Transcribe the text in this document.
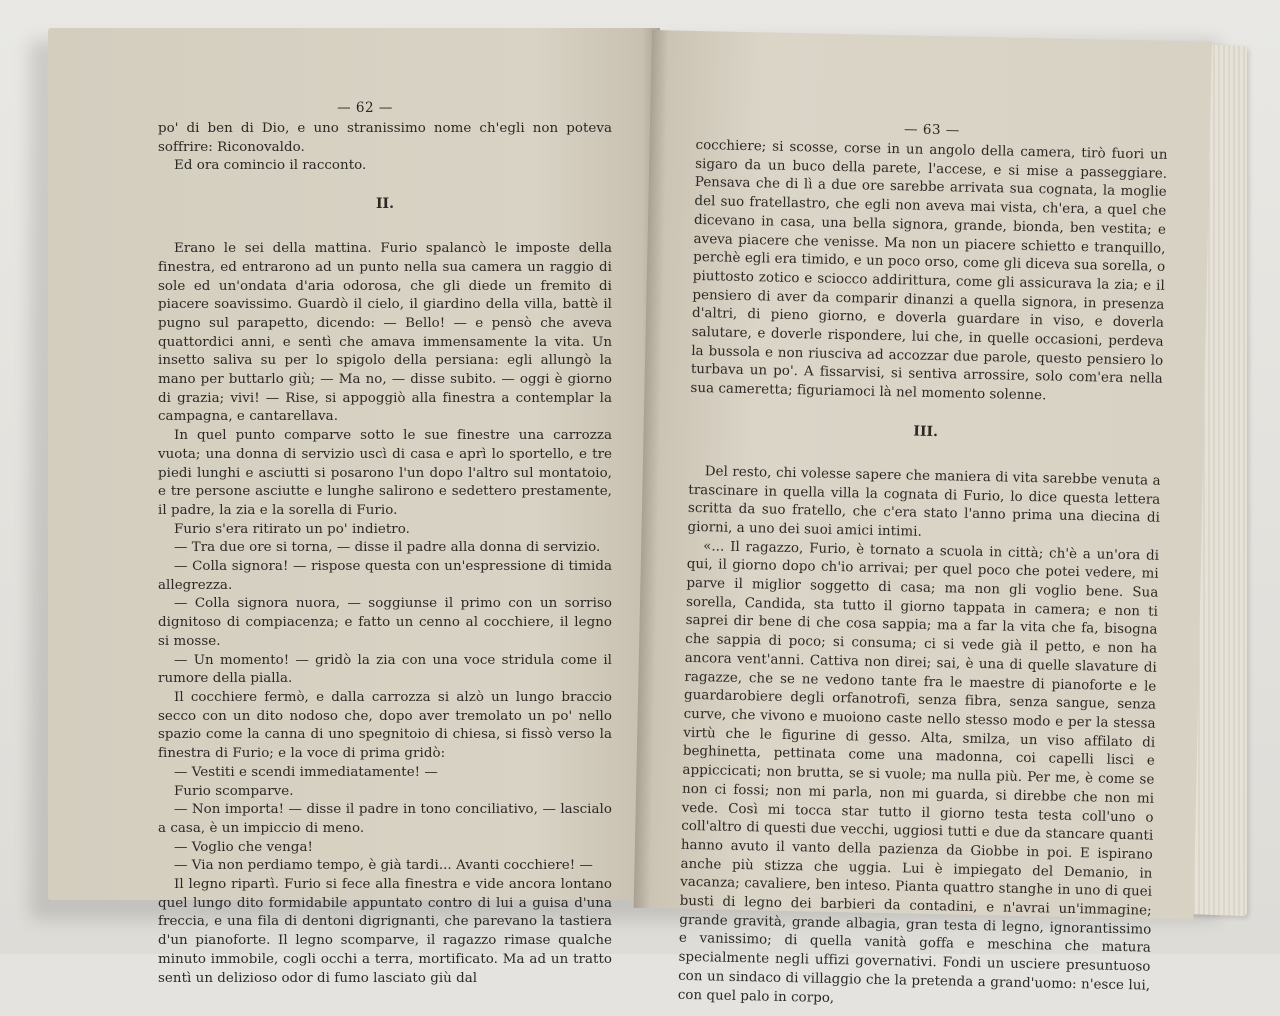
— 62 —

po' di ben di Dio, e uno stranissimo nome ch'egli non poteva soffrire: Riconovaldo.

Ed ora comincio il racconto.

II.

Erano le sei della mattina. Furio spalancò le imposte della finestra, ed entrarono ad un punto nella sua camera un raggio di sole ed un'ondata d'aria odorosa, che gli diede un fremito di piacere soavissimo. Guardò il cielo, il giardino della villa, battè il pugno sul parapetto, dicendo: — Bello! — e pensò che aveva quattordici anni, e sentì che amava immensamente la vita. Un insetto saliva su per lo spigolo della persiana: egli allungò la mano per buttarlo giù; — Ma no, — disse subito. — oggi è giorno di grazia; vivi! — Rise, si appoggiò alla finestra a contemplar la campagna, e cantarellava.

In quel punto comparve sotto le sue finestre una carrozza vuota; una donna di servizio uscì di casa e aprì lo sportello, e tre piedi lunghi e asciutti si posarono l'un dopo l'altro sul montatoio, e tre persone asciutte e lunghe salirono e sedettero prestamente, il padre, la zia e la sorella di Furio.

Furio s'era ritirato un po' indietro.

— Tra due ore si torna, — disse il padre alla donna di servizio.

— Colla signora! — rispose questa con un'espressione di timida allegrezza.

— Colla signora nuora, — soggiunse il primo con un sorriso dignitoso di compiacenza; e fatto un cenno al cocchiere, il legno si mosse.

— Un momento! — gridò la zia con una voce stridula come il rumore della pialla.

Il cocchiere fermò, e dalla carrozza si alzò un lungo braccio secco con un dito nodoso che, dopo aver tremolato un po' nello spazio come la canna di uno spegnitoio di chiesa, si fissò verso la finestra di Furio; e la voce di prima gridò:

— Vestiti e scendi immediatamente! —

Furio scomparve.

— Non importa! — disse il padre in tono conciliativo, — lascialo a casa, è un impiccio di meno.

— Voglio che venga!

— Via non perdiamo tempo, è già tardi... Avanti cocchiere! —

Il legno ripartì. Furio si fece alla finestra e vide ancora lontano quel lungo dito formidabile appuntato contro di lui a guisa d'una freccia, e una fila di dentoni digrignanti, che parevano la tastiera d'un pianoforte. Il legno scomparve, il ragazzo rimase qualche minuto immobile, cogli occhi a terra, mortificato. Ma ad un tratto sentì un delizioso odor di fumo lasciato giù dal

— 63 —

cocchiere; si scosse, corse in un angolo della camera, tirò fuori un sigaro da un buco della parete, l'accese, e si mise a passeggiare. Pensava che di lì a due ore sarebbe arrivata sua cognata, la moglie del suo fratellastro, che egli non aveva mai vista, ch'era, a quel che dicevano in casa, una bella signora, grande, bionda, ben vestita; e aveva piacere che venisse. Ma non un piacere schietto e tranquillo, perchè egli era timido, e un poco orso, come gli diceva sua sorella, o piuttosto zotico e sciocco addirittura, come gli assicurava la zia; e il pensiero di aver da comparir dinanzi a quella signora, in presenza d'altri, di pieno giorno, e doverla guardare in viso, e doverla salutare, e doverle rispondere, lui che, in quelle occasioni, perdeva la bussola e non riusciva ad accozzar due parole, questo pensiero lo turbava un po'. A fissarvisi, si sentiva arrossire, solo com'era nella sua cameretta; figuriamoci là nel momento solenne.

III.

Del resto, chi volesse sapere che maniera di vita sarebbe venuta a trascinare in quella villa la cognata di Furio, lo dice questa lettera scritta da suo fratello, che c'era stato l'anno prima una diecina di giorni, a uno dei suoi amici intimi.

«... Il ragazzo, Furio, è tornato a scuola in città; ch'è a un'ora di qui, il giorno dopo ch'io arrivai; per quel poco che potei vedere, mi parve il miglior soggetto di casa; ma non gli voglio bene. Sua sorella, Candida, sta tutto il giorno tappata in camera; e non ti saprei dir bene di che cosa sappia; ma a far la vita che fa, bisogna che sappia di poco; si consuma; ci si vede già il petto, e non ha ancora vent'anni. Cattiva non direi; sai, è una di quelle slavature di ragazze, che se ne vedono tante fra le maestre di pianoforte e le guardarobiere degli orfanotrofi, senza fibra, senza sangue, senza curve, che vivono e muoiono caste nello stesso modo e per la stessa virtù che le figurine di gesso. Alta, smilza, un viso affilato di beghinetta, pettinata come una madonna, coi capelli lisci e appiccicati; non brutta, se si vuole; ma nulla più. Per me, è come se non ci fossi; non mi parla, non mi guarda, si direbbe che non mi vede. Così mi tocca star tutto il giorno testa testa coll'uno o coll'altro di questi due vecchi, uggiosi tutti e due da stancare quanti hanno avuto il vanto della pazienza da Giobbe in poi. E ispirano anche più stizza che uggia. Lui è impiegato del Demanio, in vacanza; cavaliere, ben inteso. Pianta quattro stanghe in uno di quei busti di legno dei barbieri da contadini, e n'avrai un'immagine; grande gravità, grande albagia, gran testa di legno, ignorantissimo e vanissimo; di quella vanità goffa e meschina che matura specialmente negli uffizi governativi. Fondi un usciere presuntuoso con un sindaco di villaggio che la pretenda a grand'uomo: n'esce lui, con quel palo in corpo,
